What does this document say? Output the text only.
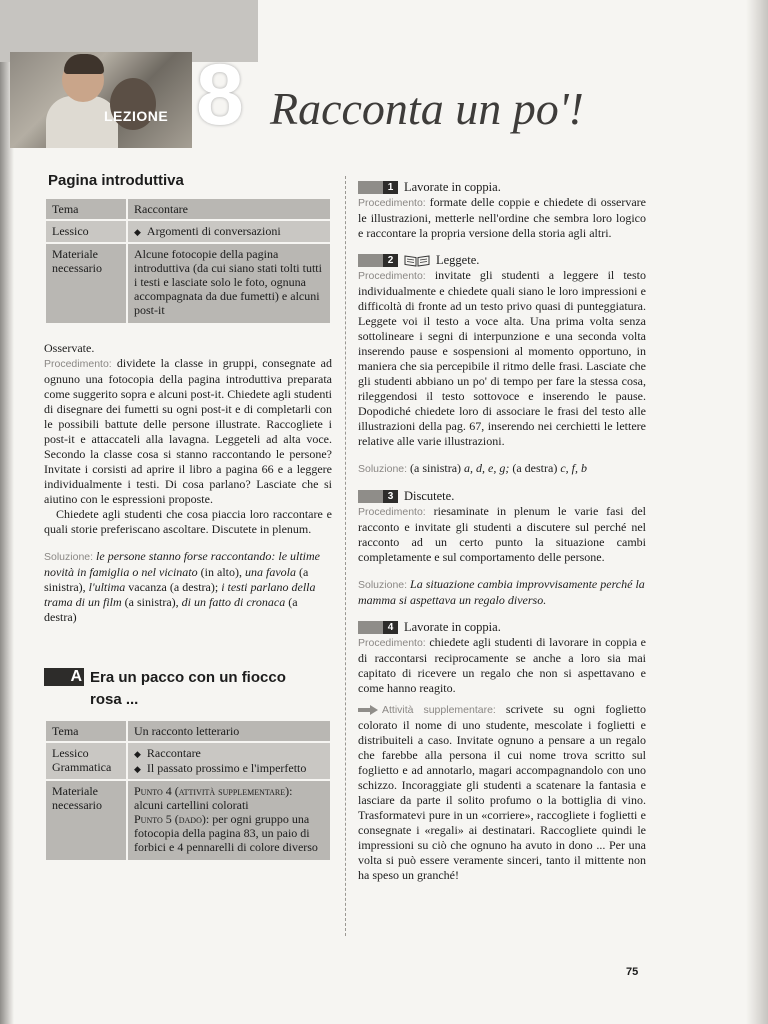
LEZIONE 8 Racconta un po'!
Pagina introduttiva
Tema	Raccontare
Lessico	◆Argomenti di conversazioni
Materiale
necessario	Alcune fotocopie della pagina introduttiva (da cui siano stati tolti tutti i testi e lasciate solo le foto, ognuna accompagnata da due fumetti) e alcuni post-it

Osservate.

Procedimento: dividete la classe in gruppi, consegnate ad ognuno una fotocopia della pagina introduttiva preparata come suggerito sopra e alcuni post-it. Chiedete agli studenti di disegnare dei fumetti su ogni post-it e di completarli con le possibili battute delle persone illustrate. Raccogliete i post-it e attaccateli alla lavagna. Leggeteli ad alta voce. Secondo la classe cosa si stanno raccontando le persone? Invitate i corsisti ad aprire il libro a pagina 66 e a leggere individualmente i testi. Di cosa parlano? Lasciate che si aiutino con le espressioni proposte.

Chiedete agli studenti che cosa piaccia loro raccontare e quali storie preferiscano ascoltare. Discutete in plenum.

Soluzione: le persone stanno forse raccontando: le ultime novità in famiglia o nel vicinato (in alto), una favola (a sinistra), l'ultima vacanza (a destra); i testi parlano della trama di un film (a sinistra), di un fatto di cronaca (a destra)

A Era un pacco con un fiocco rosa ...
Tema	Un racconto letterario
Lessico
Grammatica	◆ Raccontare
◆ Il passato prossimo e l'imperfetto
Materiale
necessario	Punto 4 (attività supplementare): alcuni cartellini colorati
Punto 5 (dado): per ogni gruppo una fotocopia della pagina 83, un paio di forbici e 4 pennarelli di colore diverso
1 Lavorate in coppia.

Procedimento: formate delle coppie e chiedete di osservare le illustrazioni, metterle nell'ordine che sembra loro logico e raccontare la propria versione della storia agli altri.

2	Leggete.

Procedimento: invitate gli studenti a leggere il testo individualmente e chiedete quali siano le loro impressioni e difficoltà di fronte ad un testo privo quasi di punteggiatura. Leggete voi il testo a voce alta. Una prima volta senza sottolineare i segni di interpunzione e una seconda volta inserendo pause e sospensioni al momento opportuno, in maniera che sia percepibile il ritmo delle frasi. Lasciate che gli studenti abbiano un po' di tempo per fare la stessa cosa, rileggendosi il testo sottovoce e inserendo le pause. Dopodiché chiedete loro di associare le frasi del testo alle illustrazioni della pag. 67, inserendo nei cerchietti le lettere relative alle varie illustrazioni.

Soluzione: (a sinistra) a, d, e, g; (a destra) c, f, b

3 Discutete.

Procedimento: riesaminate in plenum le varie fasi del racconto e invitate gli studenti a discutere sul perché nel racconto ad un certo punto la situazione cambi completamente e sul comportamento delle persone.

Soluzione: La situazione cambia improvvisamente perché la mamma si aspettava un regalo diverso.

4 Lavorate in coppia.

Procedimento: chiedete agli studenti di lavorare in coppia e di raccontarsi reciprocamente se anche a loro sia mai capitato di ricevere un regalo che non si aspettavano e come hanno reagito.

Attività supplementare: scrivete su ogni foglietto colorato il nome di uno studente, mescolate i foglietti e distribuiteli a caso. Invitate ognuno a pensare a un regalo che farebbe alla persona il cui nome trova scritto sul foglietto e ad annotarlo, magari accompagnandolo con uno schizzo. Incoraggiate gli studenti a scatenare la fantasia e lasciare da parte il solito profumo o la bottiglia di vino. Trasformatevi pure in un «corriere», raccogliete i foglietti e consegnate i «regali» ai destinatari. Raccogliete quindi le impressioni su ciò che ognuno ha avuto in dono ... Per una volta si può essere veramente sinceri, tanto il mittente non ha speso un granché!

75
